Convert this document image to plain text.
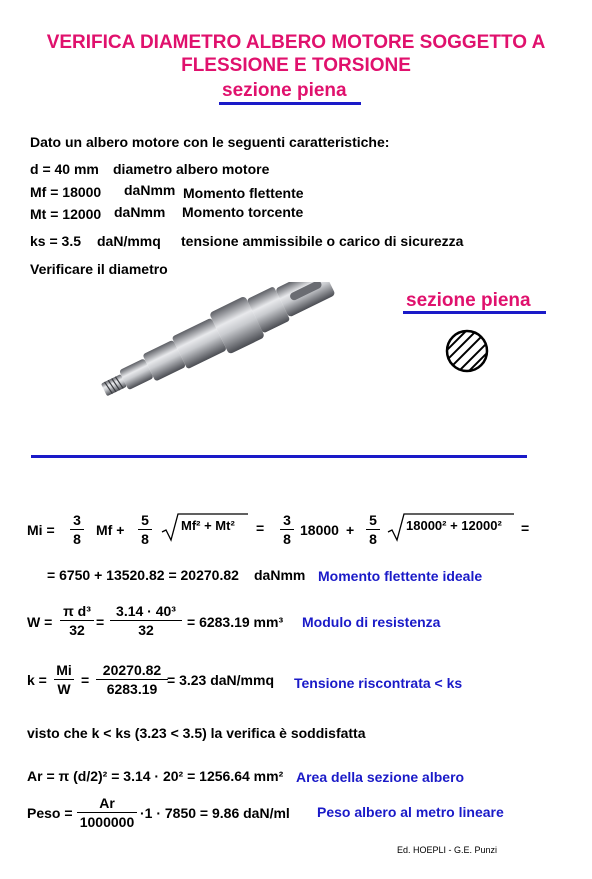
VERIFICA DIAMETRO ALBERO MOTORE SOGGETTO A
FLESSIONE E TORSIONE
sezione piena
Dato un albero motore con le seguenti caratteristiche:
d = 40 mm diametro albero motore
Mf = 18000 daNmm Momento flettente
Mt = 12000 daNmm Momento torcente
ks = 3.5 daN/mmq tensione ammissibile o carico di sicurezza
Verificare il diametro
sezione piena
Mi =
3
8
Mf +
5
8
Mf² + Mt² = 3
8
18000 +
5
8
18000² + 12000² =
= 6750 + 13520.82 = 20270.82 daNmm Momento flettente ideale
W =
π d³
32 =
3.14 · 40³
32	= 6283.19 mm³ Modulo di resistenza
k =
Mi
W
=
20270.82
6283.19
= 3.23 daN/mmq Tensione riscontrata < ks
visto che k < ks (3.23 < 3.5) la verifica è soddisfatta
Ar = π (d/2)² = 3.14 · 20² = 1256.64 mm² Area della sezione albero
Peso =
Ar
1000000
·1 · 7850 = 9.86 daN/ml Peso albero al metro lineare
Ed. HOEPLI - G.E. Punzi
